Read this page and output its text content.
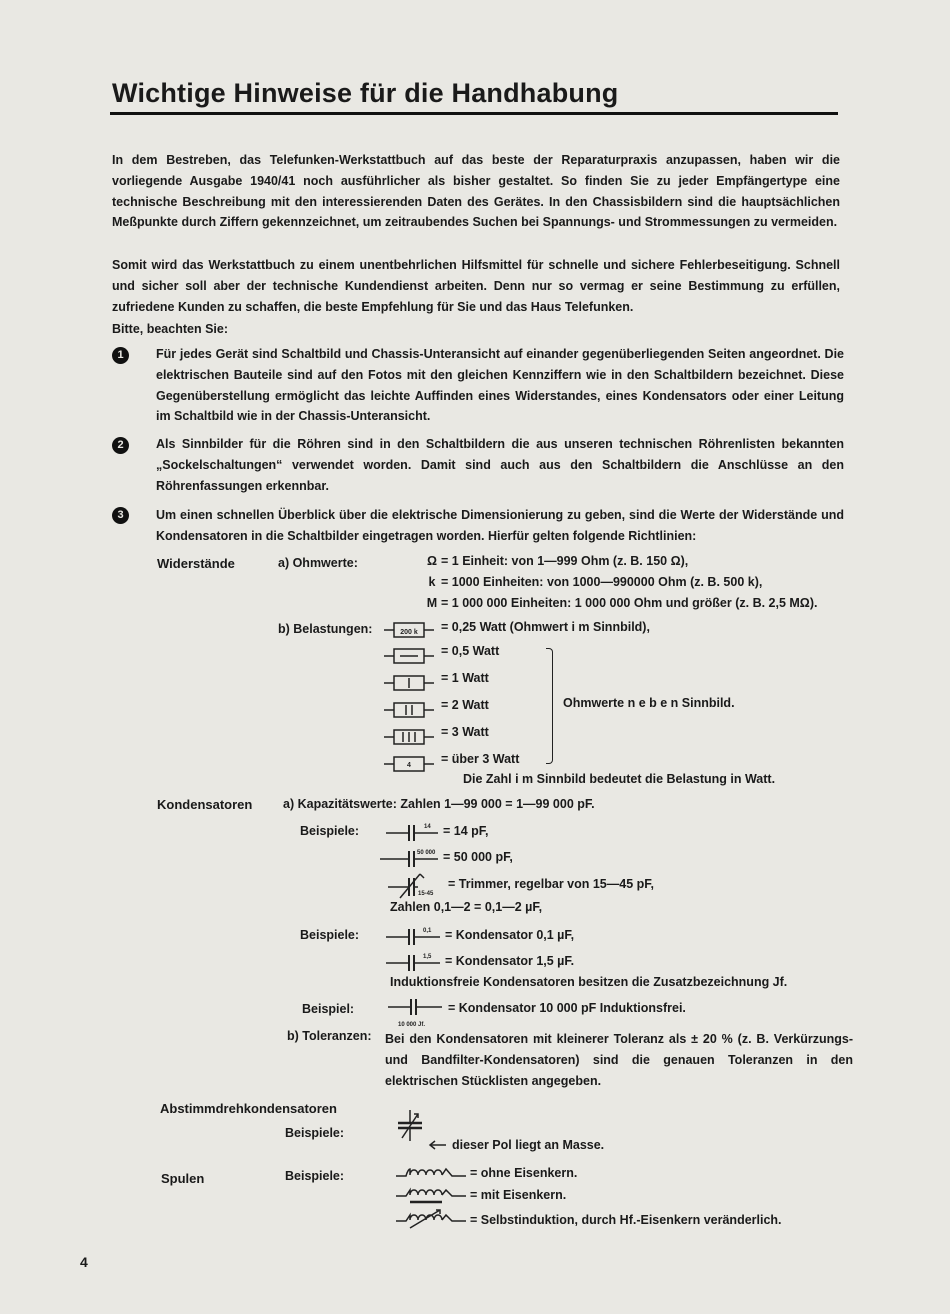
Wichtige Hinweise für die Handhabung
In dem Bestreben, das Telefunken-Werkstattbuch auf das beste der Reparaturpraxis anzupassen, haben wir die vorliegende Ausgabe 1940/41 noch ausführlicher als bisher gestaltet. So finden Sie zu jeder Empfängertype eine technische Beschreibung mit den interessierenden Daten des Gerätes. In den Chassisbildern sind die hauptsächlichen Meßpunkte durch Ziffern gekennzeichnet, um zeitraubendes Suchen bei Spannungs- und Strommessungen zu vermeiden.
Somit wird das Werkstattbuch zu einem unentbehrlichen Hilfsmittel für schnelle und sichere Fehlerbeseitigung. Schnell und sicher soll aber der technische Kundendienst arbeiten. Denn nur so vermag er seine Bestimmung zu erfüllen, zufriedene Kunden zu schaffen, die beste Empfehlung für Sie und das Haus Telefunken.
Bitte, beachten Sie:
1	Für jedes Gerät sind Schaltbild und Chassis-Unteransicht auf einander gegenüberliegenden Seiten angeordnet. Die elektrischen Bauteile sind auf den Fotos mit den gleichen Kennziffern wie in den Schaltbildern bezeichnet. Diese Gegenüberstellung ermöglicht das leichte Auffinden eines Widerstandes, eines Kondensators oder einer Leitung im Schaltbild wie in der Chassis-Unteransicht.
2	Als Sinnbilder für die Röhren sind in den Schaltbildern die aus unseren technischen Röhrenlisten bekannten „Sockelschaltungen“ verwendet worden. Damit sind auch aus den Schaltbildern die Anschlüsse an den Röhrenfassungen erkennbar.
3	Um einen schnellen Überblick über die elektrische Dimensionierung zu geben, sind die Werte der Widerstände und Kondensatoren in die Schaltbilder eingetragen worden. Hierfür gelten folgende Richtlinien:
Widerstände	a) Ohmwerte:	Ω = 1 Einheit: von 1—999 Ohm (z. B. 150 Ω),
k = 1000 Einheiten: von 1000—990000 Ohm (z. B. 500 k),
M = 1 000 000 Einheiten: 1 000 000 Ohm und größer (z. B. 2,5 MΩ).
b) Belastungen:	200 k = 0,25 Watt (Ohmwert i m Sinnbild),
= 0,5 Watt
= 1 Watt
= 2 Watt
= 3 Watt
4 = über 3 Watt
Ohmwerte n e b e n Sinnbild.
Die Zahl i m Sinnbild bedeutet die Belastung in Watt.
Kondensatoren a) Kapazitätswerte: Zahlen 1—99 000 = 1—99 000 pF.
Beispiele:	14 = 14 pF,
50 000 = 50 000 pF,
15-45
= Trimmer, regelbar von 15—45 pF,
Zahlen 0,1—2 = 0,1—2 µF,
Beispiele:	0,1 = Kondensator 0,1 µF,
1,5 = Kondensator 1,5 µF.
Induktionsfreie Kondensatoren besitzen die Zusatzbezeichnung Jf.
Beispiel:
10 000 Jf.
= Kondensator 10 000 pF Induktionsfrei.
b) Toleranzen: Bei den Kondensatoren mit kleinerer Toleranz als ± 20 % (z. B. Verkürzungs- und Bandfilter-Kondensatoren) sind die genauen Toleranzen in den elektrischen Stücklisten angegeben.
Abstimmdrehkondensatoren
Beispiele:
dieser Pol liegt an Masse.
Spulen	Beispiele:	= ohne Eisenkern.
= mit Eisenkern.
= Selbstinduktion, durch Hf.-Eisenkern veränderlich.
4
